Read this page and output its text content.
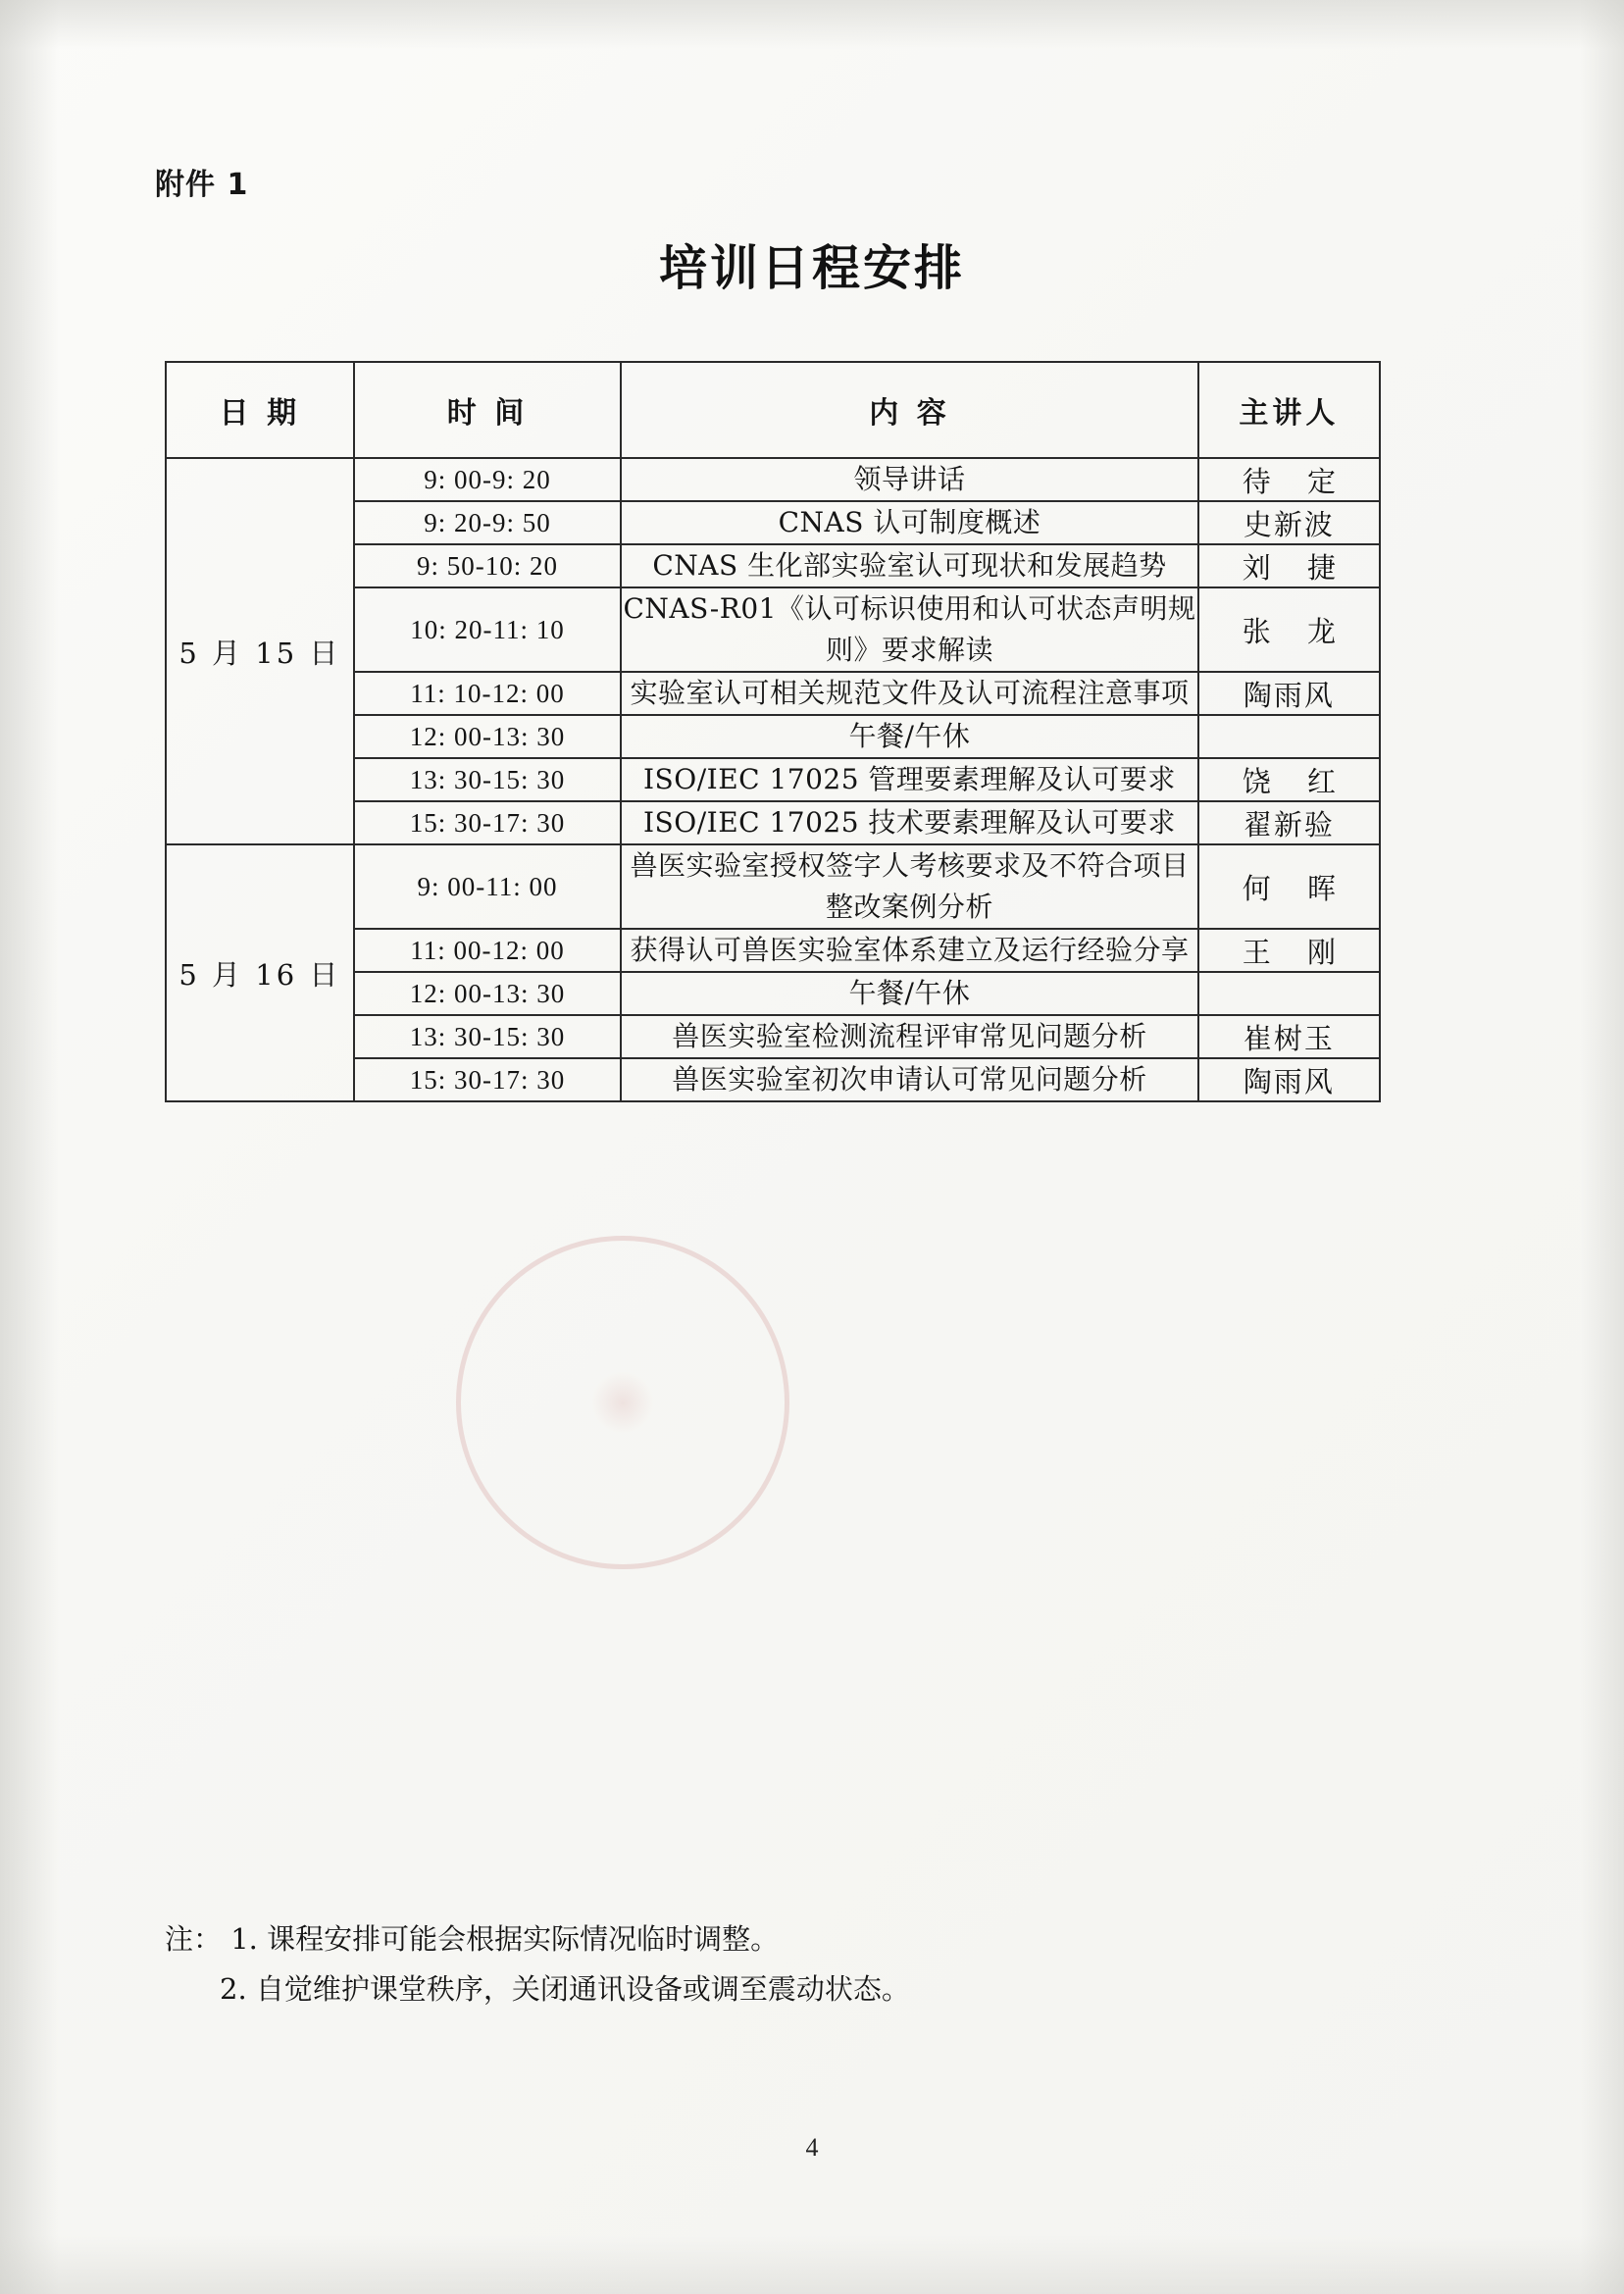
附件 1
培训日程安排
日 期	时 间	内 容	主讲人
5 月 15 日	9: 00-9: 20	领导讲话	待 定
	9: 20-9: 50	CNAS 认可制度概述	史新波
	9: 50-10: 20	CNAS 生化部实验室认可现状和发展趋势	刘 捷
	10: 20-11: 10	CNAS-R01《认可标识使用和认可状态声明规则》要求解读	张 龙
	11: 10-12: 00	实验室认可相关规范文件及认可流程注意事项	陶雨风
	12: 00-13: 30	午餐/午休	
	13: 30-15: 30	ISO/IEC 17025 管理要素理解及认可要求	饶 红
	15: 30-17: 30	ISO/IEC 17025 技术要素理解及认可要求	翟新验
5 月 16 日	9: 00-11: 00	兽医实验室授权签字人考核要求及不符合项目整改案例分析	何 晖
	11: 00-12: 00	获得认可兽医实验室体系建立及运行经验分享	王 刚
	12: 00-13: 30	午餐/午休	
	13: 30-15: 30	兽医实验室检测流程评审常见问题分析	崔树玉
	15: 30-17: 30	兽医实验室初次申请认可常见问题分析	陶雨风
注： 1. 课程安排可能会根据实际情况临时调整。
2. 自觉维护课堂秩序，关闭通讯设备或调至震动状态。
4
